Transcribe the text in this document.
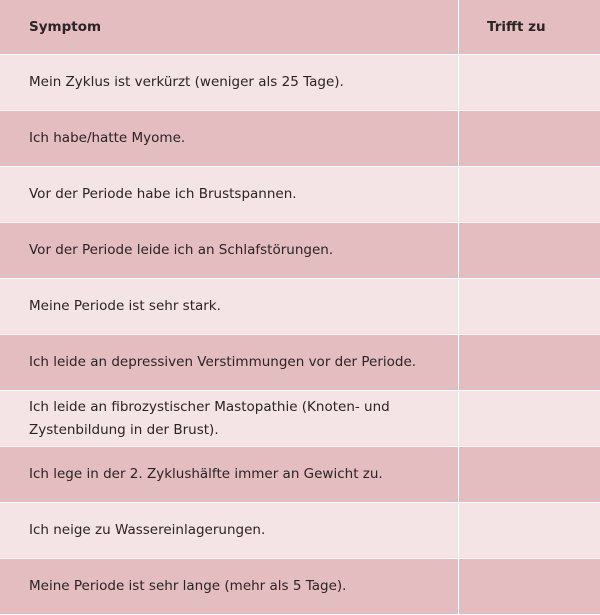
Symptom	Trifft zu
Mein Zyklus ist verkürzt (weniger als 25 Tage).
Ich habe/hatte Myome.
Vor der Periode habe ich Brustspannen.
Vor der Periode leide ich an Schlafstörungen.
Meine Periode ist sehr stark.
Ich leide an depressiven Verstimmungen vor der Periode.
Ich leide an fibrozystischer Mastopathie (Knoten- und
Zystenbildung in der Brust).
Ich lege in der 2. Zyklushälfte immer an Gewicht zu.
Ich neige zu Wassereinlagerungen.
Meine Periode ist sehr lange (mehr als 5 Tage).
